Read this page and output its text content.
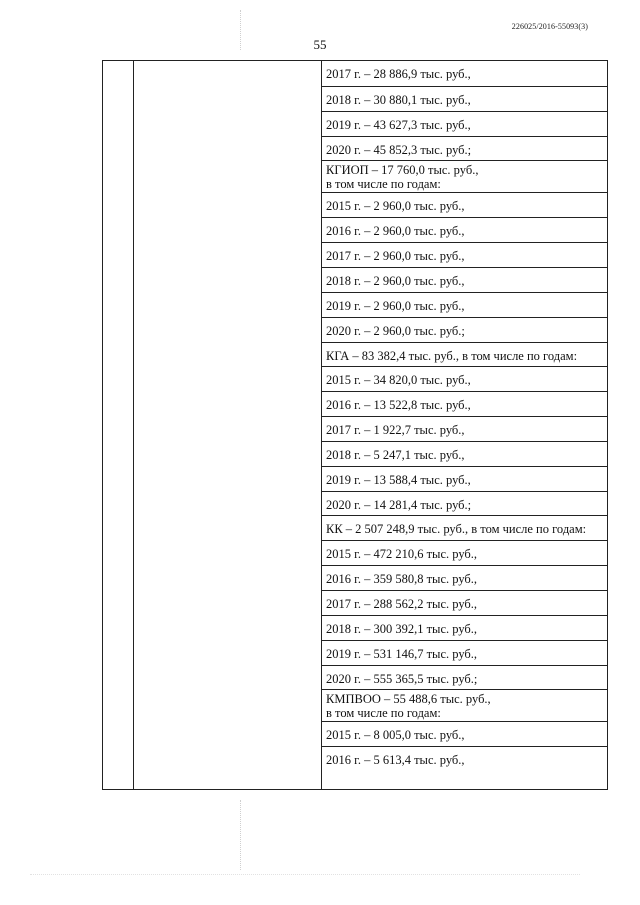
226025/2016-55093(3)
55
2017 г. – 28 886,9 тыс. руб.,
2018 г. – 30 880,1 тыс. руб.,
2019 г. – 43 627,3 тыс. руб.,
2020 г. – 45 852,3 тыс. руб.;
КГИОП – 17 760,0 тыс. руб.,
в том числе по годам:
2015 г. – 2 960,0 тыс. руб.,
2016 г. – 2 960,0 тыс. руб.,
2017 г. – 2 960,0 тыс. руб.,
2018 г. – 2 960,0 тыс. руб.,
2019 г. – 2 960,0 тыс. руб.,
2020 г. – 2 960,0 тыс. руб.;
КГА – 83 382,4 тыс. руб., в том числе по годам:
2015 г. – 34 820,0 тыс. руб.,
2016 г. – 13 522,8 тыс. руб.,
2017 г. – 1 922,7 тыс. руб.,
2018 г. – 5 247,1 тыс. руб.,
2019 г. – 13 588,4 тыс. руб.,
2020 г. – 14 281,4 тыс. руб.;
КК – 2 507 248,9 тыс. руб., в том числе по годам:
2015 г. – 472 210,6 тыс. руб.,
2016 г. – 359 580,8 тыс. руб.,
2017 г. – 288 562,2 тыс. руб.,
2018 г. – 300 392,1 тыс. руб.,
2019 г. – 531 146,7 тыс. руб.,
2020 г. – 555 365,5 тыс. руб.;
КМПВОО – 55 488,6 тыс. руб.,
в том числе по годам:
2015 г. – 8 005,0 тыс. руб.,
2016 г. – 5 613,4 тыс. руб.,
